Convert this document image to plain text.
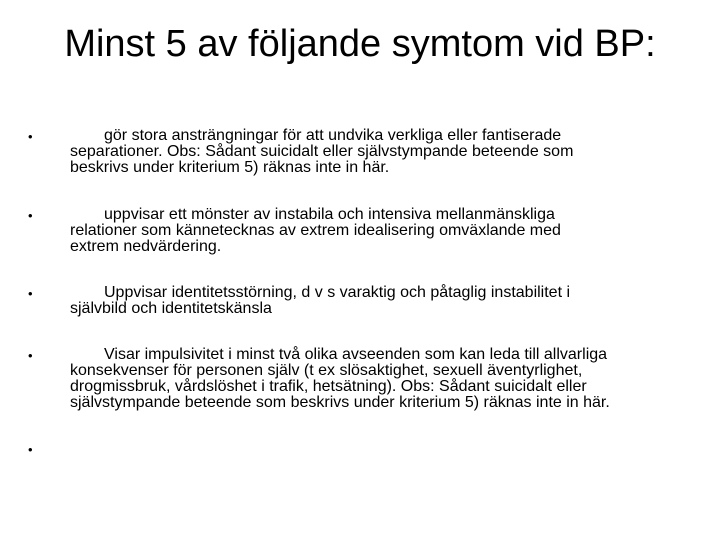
Minst 5 av följande symtom vid BP:
•	gör stora ansträngningar för att undvika verkliga eller fantiserade
separationer. Obs: Sådant suicidalt eller självstympande beteende som
beskrivs under kriterium 5) räknas inte in här.
•	uppvisar ett mönster av instabila och intensiva mellanmänskliga
relationer som kännetecknas av extrem idealisering omväxlande med
extrem nedvärdering.
•	Uppvisar identitetsstörning, d v s varaktig och påtaglig instabilitet i
självbild och identitetskänsla
•	Visar impulsivitet i minst två olika avseenden som kan leda till allvarliga
konsekvenser för personen själv (t ex slösaktighet, sexuell äventyrlighet,
drogmissbruk, vårdslöshet i trafik, hetsätning). Obs: Sådant suicidalt eller
självstympande beteende som beskrivs under kriterium 5) räknas inte in här.
•
